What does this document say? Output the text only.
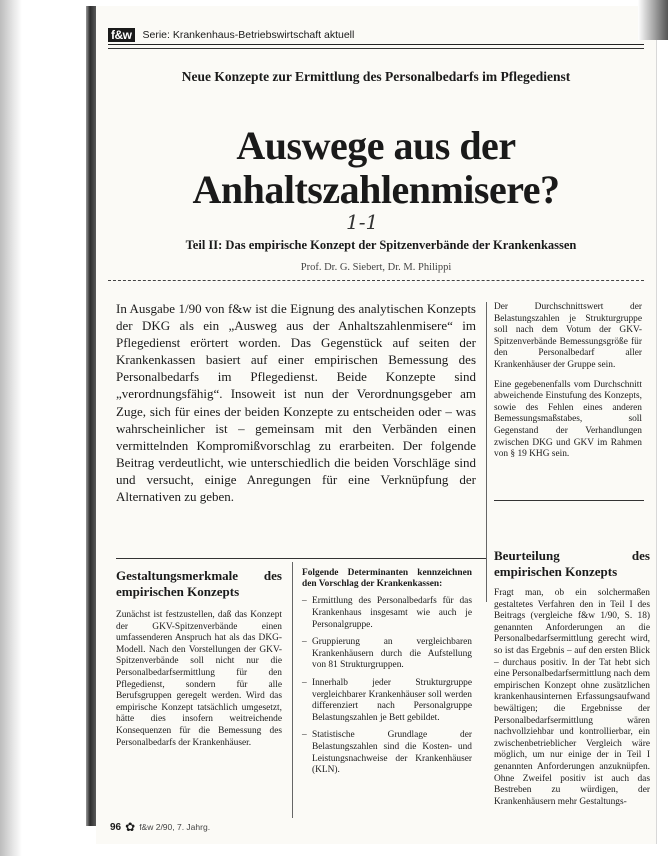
f&w Serie: Krankenhaus-Betriebswirtschaft aktuell
Neue Konzepte zur Ermittlung des Personalbedarfs im Pflegedienst
Auswege aus der
Anhaltszahlenmisere?
1-1
Teil II: Das empirische Konzept der Spitzenverbände der Krankenkassen
Prof. Dr. G. Siebert, Dr. M. Philippi
In Ausgabe 1/90 von f&w ist die Eignung des analytischen Konzepts der DKG als ein „Ausweg aus der Anhaltszahlenmisere“ im Pflegedienst erörtert worden. Das Gegenstück auf seiten der Krankenkassen basiert auf einer empirischen Bemessung des Personalbedarfs im Pflegedienst. Beide Konzepte sind „verordnungsfähig“. Insoweit ist nun der Verordnungsgeber am Zuge, sich für eines der beiden Konzepte zu entscheiden oder – was wahrscheinlicher ist – gemeinsam mit den Verbänden einen vermittelnden Kompromißvorschlag zu erarbeiten. Der folgende Beitrag verdeutlicht, wie unterschiedlich die beiden Vorschläge sind und versucht, einige Anregungen für eine Verknüpfung der Alternativen zu geben.

Der Durchschnittswert der Belastungszahlen je Strukturgruppe soll nach dem Votum der GKV-Spitzenverbände Bemessungsgröße für den Personalbedarf aller Krankenhäuser der Gruppe sein.

Eine gegebenenfalls vom Durchschnitt abweichende Einstufung des Konzepts, sowie des Fehlen eines anderen Bemessungsmaßstabes, soll Gegenstand der Verhandlungen zwischen DKG und GKV im Rahmen von § 19 KHG sein.

Beurteilung des empirischen Konzepts
Fragt man, ob ein solchermaßen gestaltetes Verfahren den in Teil I des Beitrags (vergleiche f&w 1/90, S. 18) genannten Anforderungen an die Personalbedarfsermittlung gerecht wird, so ist das Ergebnis – auf den ersten Blick – durchaus positiv. In der Tat hebt sich eine Personalbedarfsermittlung nach dem empirischen Konzept ohne zusätzlichen krankenhausinternen Erfassungsaufwand bewältigen; die Ergebnisse der Personalbedarfsermittlung wären nachvollziehbar und kontrollierbar, ein zwischenbetrieblicher Vergleich wäre möglich, um nur einige der in Teil I genannten Anforderungen anzuknüpfen. Ohne Zweifel positiv ist auch das Bestreben zu würdigen, der Krankenhäusern mehr Gestaltungs-
Gestaltungsmerkmale des empirischen Konzepts
Zunächst ist festzustellen, daß das Konzept der GKV-Spitzenverbände einen umfassenderen Anspruch hat als das DKG-Modell. Nach den Vorstellungen der GKV-Spitzenverbände soll nicht nur die Personalbedarfsermittlung für den Pflegedienst, sondern für alle Berufsgruppen geregelt werden. Wird das empirische Konzept tatsächlich umgesetzt, hätte dies insofern weitreichende Konsequenzen für die Bemessung des Personalbedarfs der Krankenhäuser.
Folgende Determinanten kennzeichnen den Vorschlag der Krankenkassen:
– Ermittlung des Personalbedarfs für das Krankenhaus insgesamt wie auch je Personalgruppe.
– Gruppierung an vergleichbaren Krankenhäusern durch die Aufstellung von 81 Strukturgruppen.
– Innerhalb jeder Strukturgruppe vergleichbarer Krankenhäuser soll werden differenziert nach Personalgruppe Belastungszahlen je Bett gebildet.
– Statistische Grundlage der Belastungszahlen sind die Kosten- und Leistungsnachweise der Krankenhäuser (KLN).
96 ✿ f&w 2/90, 7. Jahrg.
